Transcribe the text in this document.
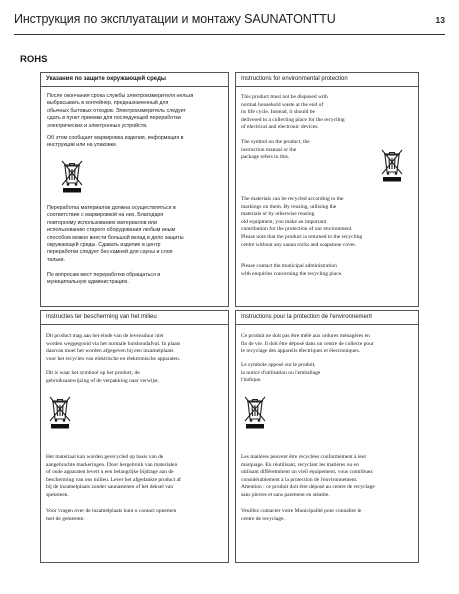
Инструкция по эксплуатации и монтажу SAUNATONTTU	13
ROHS
Указания по защите окружающей среды
После окончания срока службы электроизмерителя нельзя
выбрасывать в контейнер, предназначенный для
обычных бытовых отходов. Электроизмеритель следует
сдать в пункт приемки для последующей переработки
электрических и электронных устройств.
Об этом сообщает маркировка изделия, информация в
инструкции или на упаковке.
Переработка материалов должна осуществляться в
соответствие с маркировкой на них. Благодаря
повторному использованию материалов или
использованию старого оборудования любым иным
способом можно внести большой вклад в дело защиты
окружающей среды. Сдавать изделие в центр
переработки следует без камней для сауны и слоя
тальки.
По вопросам мест переработки обращаться в
муниципальную администрацию.
Instructions for environmental protection
This product must not be disposed with
normal household waste at the end of
its life cycle. Instead, it should be
delivered to a collecting place for the recycling
of electrical and electronic devices.
The symbol on the product, the
instruction manual or the
package refers to this.
The materials can be recycled according to the
markings on them. By reusing, utilising the
materials or by otherwise reusing
old equipment, you make an important
contribution for the protection of our environment.
Please note that the product is returned to the recycling
centre without any sauna rocks and soapstone cover.
Please contact the municipal administration
with enquiries concerning the recycling place.
Instructies ter bescherming van het milieu
Dit product mag aan het einde van de levensduur niet
worden weggegooid via het normale huishoudafval. In plaats
daarvan moet het worden afgegeven bij een inzamelplaats
voor het recyclen van elektrische en elektronische apparaten.
Dit is waar het symbool op het product, de
gebruiksaanwijzing of de verpakking naar verwijst.
Het materiaal kan worden gerecycled op basis van de
aangebrachte markeringen. Door hergebruik van materialen
of oude apparaten levert u een belangrijke bijdrage aan de
bescherming van ons milieu. Lever het afgedankte product af
bij de inzamelplaats zonder saunastenen of het deksel van
speksteen.
Voor vragen over de inzamelplaats kunt u contact opnemen
met de gemeente.
Instructions pour la protection de l'environnement
Ce produit ne doit pas être mêlé aux ordures ménagères en
fin de vie. Il doit être déposé dans un centre de collecte pour
le recyclage des appareils électriques et électroniques.
Le symbole apposé sur le produit,
la notice d'utilisation ou l'emballage
l'indique.
Les matières peuvent être recyclées conformément à leur
marquage. En réutilisant, recyclant les matières ou en
utilisant différemment un vieil équipement, vous contribuez
considérablement à la protection de l'environnement.
Attention : ce produit doit être déposé au centre de recyclage
sans pierres et sans parement en stéatite.
Veuillez contacter votre Municipalité pour connaître le
centre de recyclage.
